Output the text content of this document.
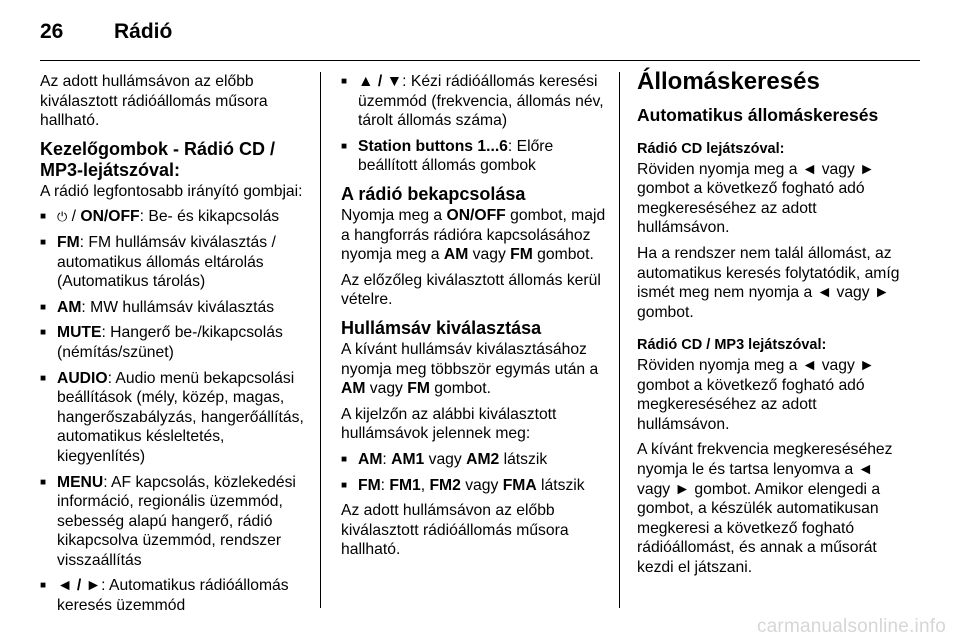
26	Rádió

Az adott hullámsávon az előbb kiválasztott rádióállomás műsora hallható.

Kezelőgombok - Rádió CD / MP3-lejátszóval:

A rádió legfontosabb irányító gombjai:

■ ⏻ / ON/OFF: Be- és kikapcsolás
■ FM: FM hullámsáv kiválasztás / automatikus állomás eltárolás (Automatikus tárolás)
■ AM: MW hullámsáv kiválasztás
■ MUTE: Hangerő be-/kikapcsolás (némítás/szünet)
■ AUDIO: Audio menü bekapcsolási beállítások (mély, közép, magas, hangerőszabályzás, hangerőállítás, automatikus késleltetés, kiegyenlítés)
■ MENU: AF kapcsolás, közlekedési információ, regionális üzemmód, sebesség alapú hangerő, rádió kikapcsolva üzemmód, rendszer visszaállítás
■ ◄ / ►: Automatikus rádióállomás keresés üzemmód
■ ▲ / ▼: Kézi rádióállomás keresési üzemmód (frekvencia, állomás név, tárolt állomás száma)
■ Station buttons 1...6: Előre beállított állomás gombok
A rádió bekapcsolása

Nyomja meg a ON/OFF gombot, majd a hangforrás rádióra kapcsolásához nyomja meg a AM vagy FM gombot.

Az előzőleg kiválasztott állomás kerül vételre.

Hullámsáv kiválasztása

A kívánt hullámsáv kiválasztásához nyomja meg többször egymás után a AM vagy FM gombot.

A kijelzőn az alábbi kiválasztott hullámsávok jelennek meg:

■ AM: AM1 vagy AM2 látszik
■ FM: FM1, FM2 vagy FMA látszik

Az adott hullámsávon az előbb kiválasztott rádióállomás műsora hallható.

Állomáskeresés
Automatikus állomáskeresés
Rádió CD lejátszóval:

Röviden nyomja meg a ◄ vagy ► gombot a következő fogható adó megkereséséhez az adott hullámsávon.

Ha a rendszer nem talál állomást, az automatikus keresés folytatódik, amíg ismét meg nem nyomja a ◄ vagy ► gombot.

Rádió CD / MP3 lejátszóval:

Röviden nyomja meg a ◄ vagy ► gombot a következő fogható adó megkereséséhez az adott hullámsávon.

A kívánt frekvencia megkereséséhez nyomja le és tartsa lenyomva a ◄ vagy ► gombot. Amikor elengedi a gombot, a készülék automatikusan megkeresi a következő fogható rádióállomást, és annak a műsorát kezdi el játszani.

carmanualsonline.info
